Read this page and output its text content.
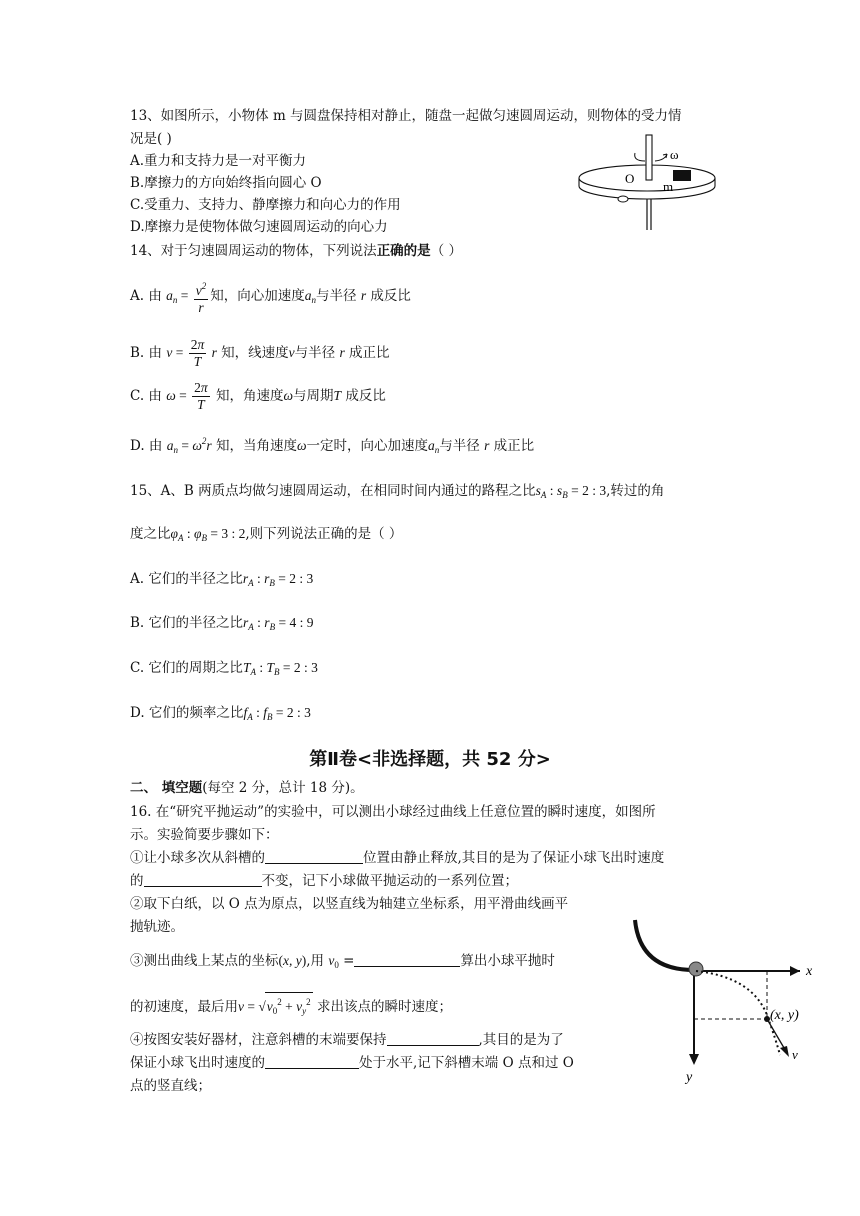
13、如图所示，小物体 m 与圆盘保持相对静止，随盘一起做匀速圆周运动，则物体的受力情
况是( )
A.重力和支持力是一对平衡力
B.摩擦力的方向始终指向圆心 O
C.受重力、支持力、静摩擦力和向心力的作用
D.摩擦力是使物体做匀速圆周运动的向心力
ω
O
m
14、对于匀速圆周运动的物体，下列说法正确的是（ ）
A. 由 $a_n = \frac{v^2}{r}$ 知，向心加速度$a_n$与半径 r 成反比
B. 由 $v = \frac{2\pi}{T}$ r 知，线速度v与半径 r 成正比
C. 由 $\omega = \frac{2\pi}{T}$ 知，角速度ω与周期T 成反比
D. 由 $a_n = \omega^2r$ 知，当角速度ω一定时，向心加速度$a_n$与半径 r 成正比
15、A、B 两质点均做匀速圆周运动，在相同时间内通过的路程之比$s_A$ : $s_B = 2$ : 3,转过的角
度之比$\varphi_A$ : $\varphi_B = 3$ : 2,则下列说法正确的是（ ）
A. 它们的半径之比$r_A$ : $r_B = 2$ : 3
B. 它们的半径之比$r_A$ : $r_B = 4$ : 9
C. 它们的周期之比$T_A$ : $T_B = 2$ : 3
D. 它们的频率之比$f_A$ : $f_B = 2$ : 3
第Ⅱ卷<非选择题，共 52 分>
二、 填空题(每空 2 分，总计 18 分)。
16. 在“研究平抛运动”的实验中，可以测出小球经过曲线上任意位置的瞬时速度，如图所
示。实验简要步骤如下：
①让小球多次从斜槽的	位置由静止释放,其目的是为了保证小球飞出时速度
的	不变，记下小球做平抛运动的一系列位置；
②取下白纸，以 O 点为原点，以竖直线为轴建立坐标系，用平滑曲线画平
抛轨迹。
③测出曲线上某点的坐标(x, y),用 $v_0$ =	算出小球平抛时
的初速度，最后用$v = √v_0^2 + v_y^2$ 求出该点的瞬时速度；
④按图安装好器材，注意斜槽的末端要保持	,其目的是为了
保证小球飞出时速度的	处于水平,记下斜槽末端 O 点和过 O
点的竖直线；
x
y
(x, y)
v
